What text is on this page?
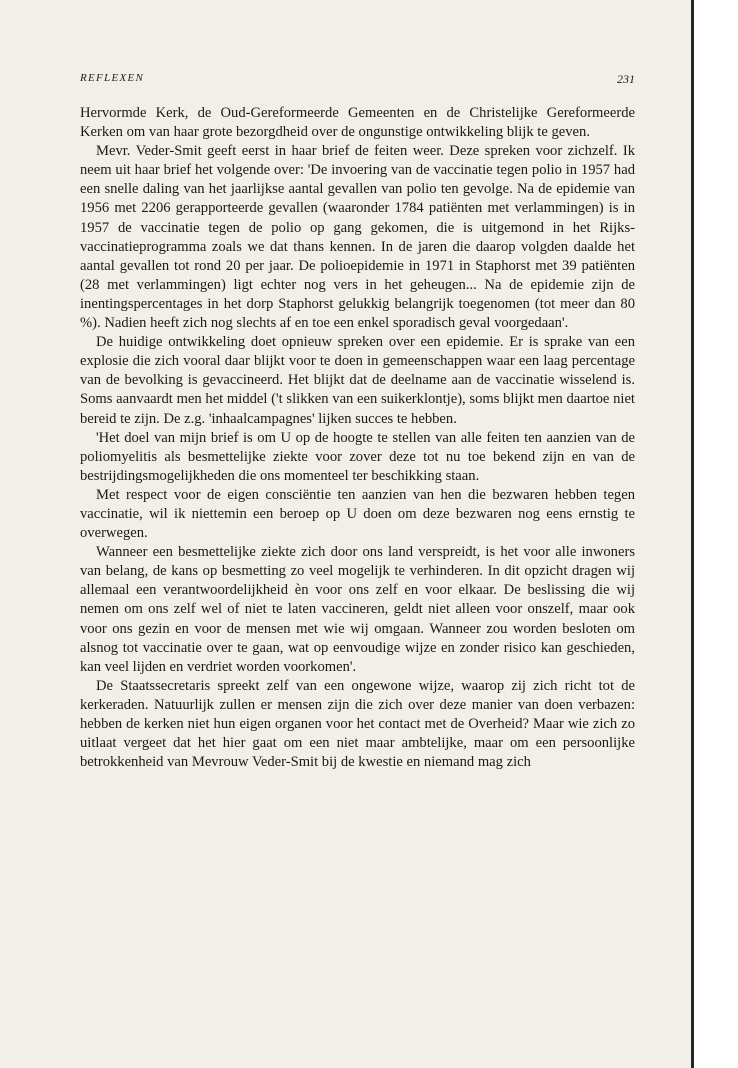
REFLEXEN	231

Hervormde Kerk, de Oud-Gereformeerde Gemeenten en de Christelijke Gereformeerde Kerken om van haar grote bezorgdheid over de ongunstige ontwikkeling blijk te geven.

Mevr. Veder-Smit geeft eerst in haar brief de feiten weer. Deze spreken voor zichzelf. Ik neem uit haar brief het volgende over: 'De invoering van de vaccinatie tegen polio in 1957 had een snelle daling van het jaarlijkse aantal gevallen van polio ten gevolge. Na de epidemie van 1956 met 2206 gerapporteerde gevallen (waaronder 1784 patiënten met verlammingen) is in 1957 de vaccinatie tegen de polio op gang gekomen, die is uitgemond in het Rijks-vaccinatieprogramma zoals we dat thans kennen. In de jaren die daarop volgden daalde het aantal gevallen tot rond 20 per jaar. De polioepidemie in 1971 in Staphorst met 39 patiënten (28 met verlammingen) ligt echter nog vers in het geheugen... Na de epidemie zijn de inentingspercentages in het dorp Staphorst gelukkig belangrijk toegenomen (tot meer dan 80 %). Nadien heeft zich nog slechts af en toe een enkel sporadisch geval voorgedaan'.

De huidige ontwikkeling doet opnieuw spreken over een epidemie. Er is sprake van een explosie die zich vooral daar blijkt voor te doen in gemeenschappen waar een laag percentage van de bevolking is gevaccineerd. Het blijkt dat de deelname aan de vaccinatie wisselend is. Soms aanvaardt men het middel ('t slikken van een suikerklontje), soms blijkt men daartoe niet bereid te zijn. De z.g. 'inhaalcampagnes' lijken succes te hebben.

'Het doel van mijn brief is om U op de hoogte te stellen van alle feiten ten aanzien van de poliomyelitis als besmettelijke ziekte voor zover deze tot nu toe bekend zijn en van de bestrijdingsmogelijkheden die ons momenteel ter beschikking staan.

Met respect voor de eigen consciëntie ten aanzien van hen die bezwaren hebben tegen vaccinatie, wil ik niettemin een beroep op U doen om deze bezwaren nog eens ernstig te overwegen.

Wanneer een besmettelijke ziekte zich door ons land verspreidt, is het voor alle inwoners van belang, de kans op besmetting zo veel mogelijk te verhinderen. In dit opzicht dragen wij allemaal een verantwoordelijkheid èn voor ons zelf en voor elkaar. De beslissing die wij nemen om ons zelf wel of niet te laten vaccineren, geldt niet alleen voor onszelf, maar ook voor ons gezin en voor de mensen met wie wij omgaan. Wanneer zou worden besloten om alsnog tot vaccinatie over te gaan, wat op eenvoudige wijze en zonder risico kan geschieden, kan veel lijden en verdriet worden voorkomen'.

De Staatssecretaris spreekt zelf van een ongewone wijze, waarop zij zich richt tot de kerkeraden. Natuurlijk zullen er mensen zijn die zich over deze manier van doen verbazen: hebben de kerken niet hun eigen organen voor het contact met de Overheid? Maar wie zich zo uitlaat vergeet dat het hier gaat om een niet maar ambtelijke, maar om een persoonlijke betrokkenheid van Mevrouw Veder-Smit bij de kwestie en niemand mag zich
